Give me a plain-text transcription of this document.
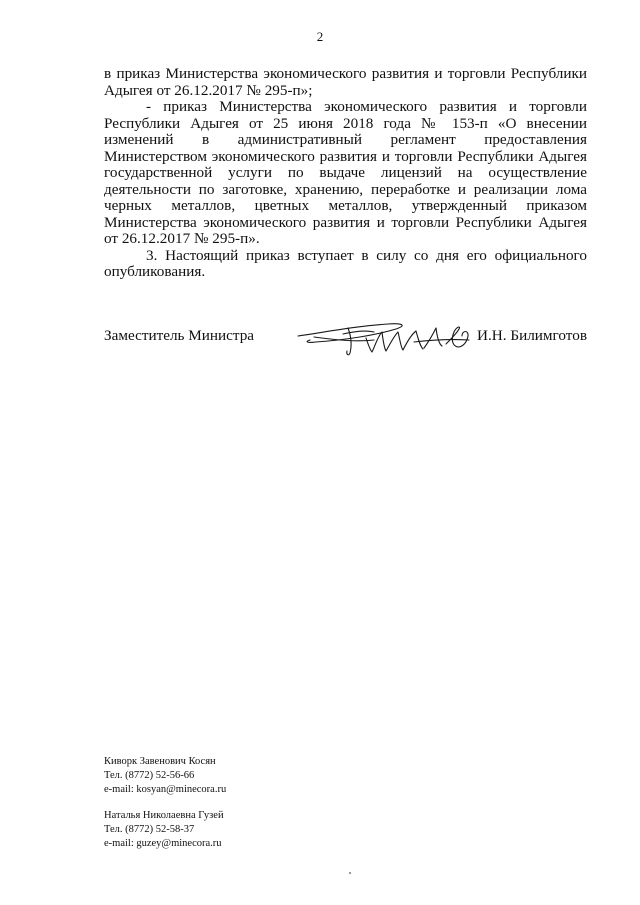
2

в приказ Министерства экономического развития и торговли Республики Адыгея от 26.12.2017 № 295-п»;

- приказ Министерства экономического развития и торговли Республики Адыгея от 25 июня 2018 года № 153-п «О внесении изменений в административный регламент предоставления Министерством экономического развития и торговли Республики Адыгея государственной услуги по выдаче лицензий на осуществление деятельности по заготовке, хранению, переработке и реализации лома черных металлов, цветных металлов, утвержденный приказом Министерства экономического развития и торговли Республики Адыгея от 26.12.2017 № 295-п».

3. Настоящий приказ вступает в силу со дня его официального опубликования.

Заместитель Министра	И.Н. Билимготов
Киворк Завенович Косян
Тел. (8772) 52-56-66
e-mail: kosyan@minecora.ru
Наталья Николаевна Гузей
Тел. (8772) 52-58-37
e-mail: guzey@minecora.ru
